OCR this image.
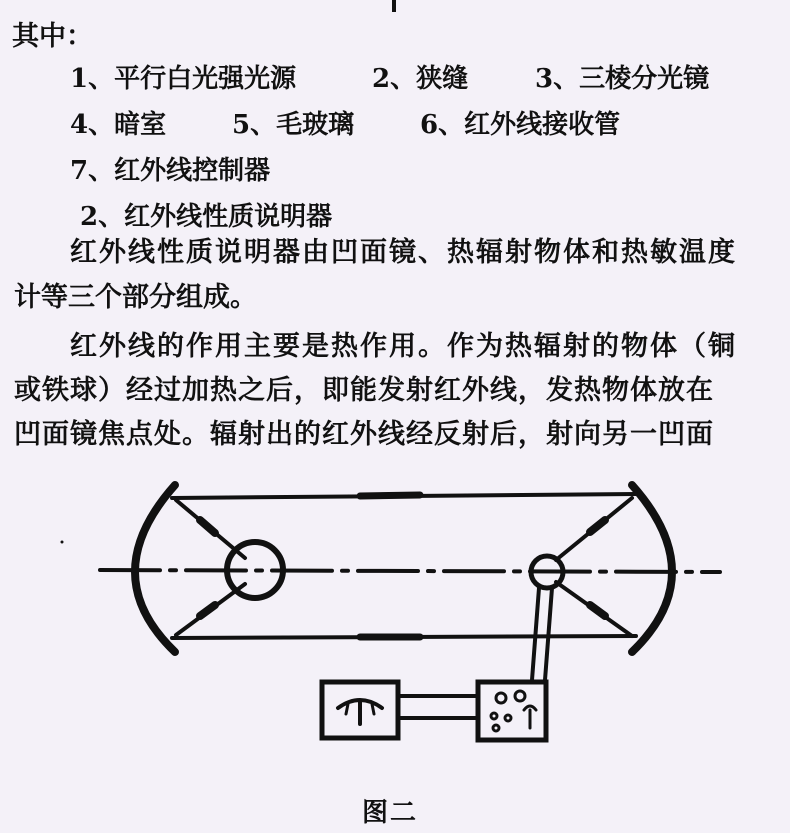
其中：
1、平行白光强光源	2、狭缝	3、三棱分光镜
4、暗室	5、毛玻璃	6、红外线接收管
7、红外线控制器
2、红外线性质说明器
红外线性质说明器由凹面镜、热辐射物体和热敏温度
计等三个部分组成。
红外线的作用主要是热作用。作为热辐射的物体（铜
或铁球）经过加热之后，即能发射红外线，发热物体放在
凹面镜焦点处。辐射出的红外线经反射后，射向另一凹面
图二
